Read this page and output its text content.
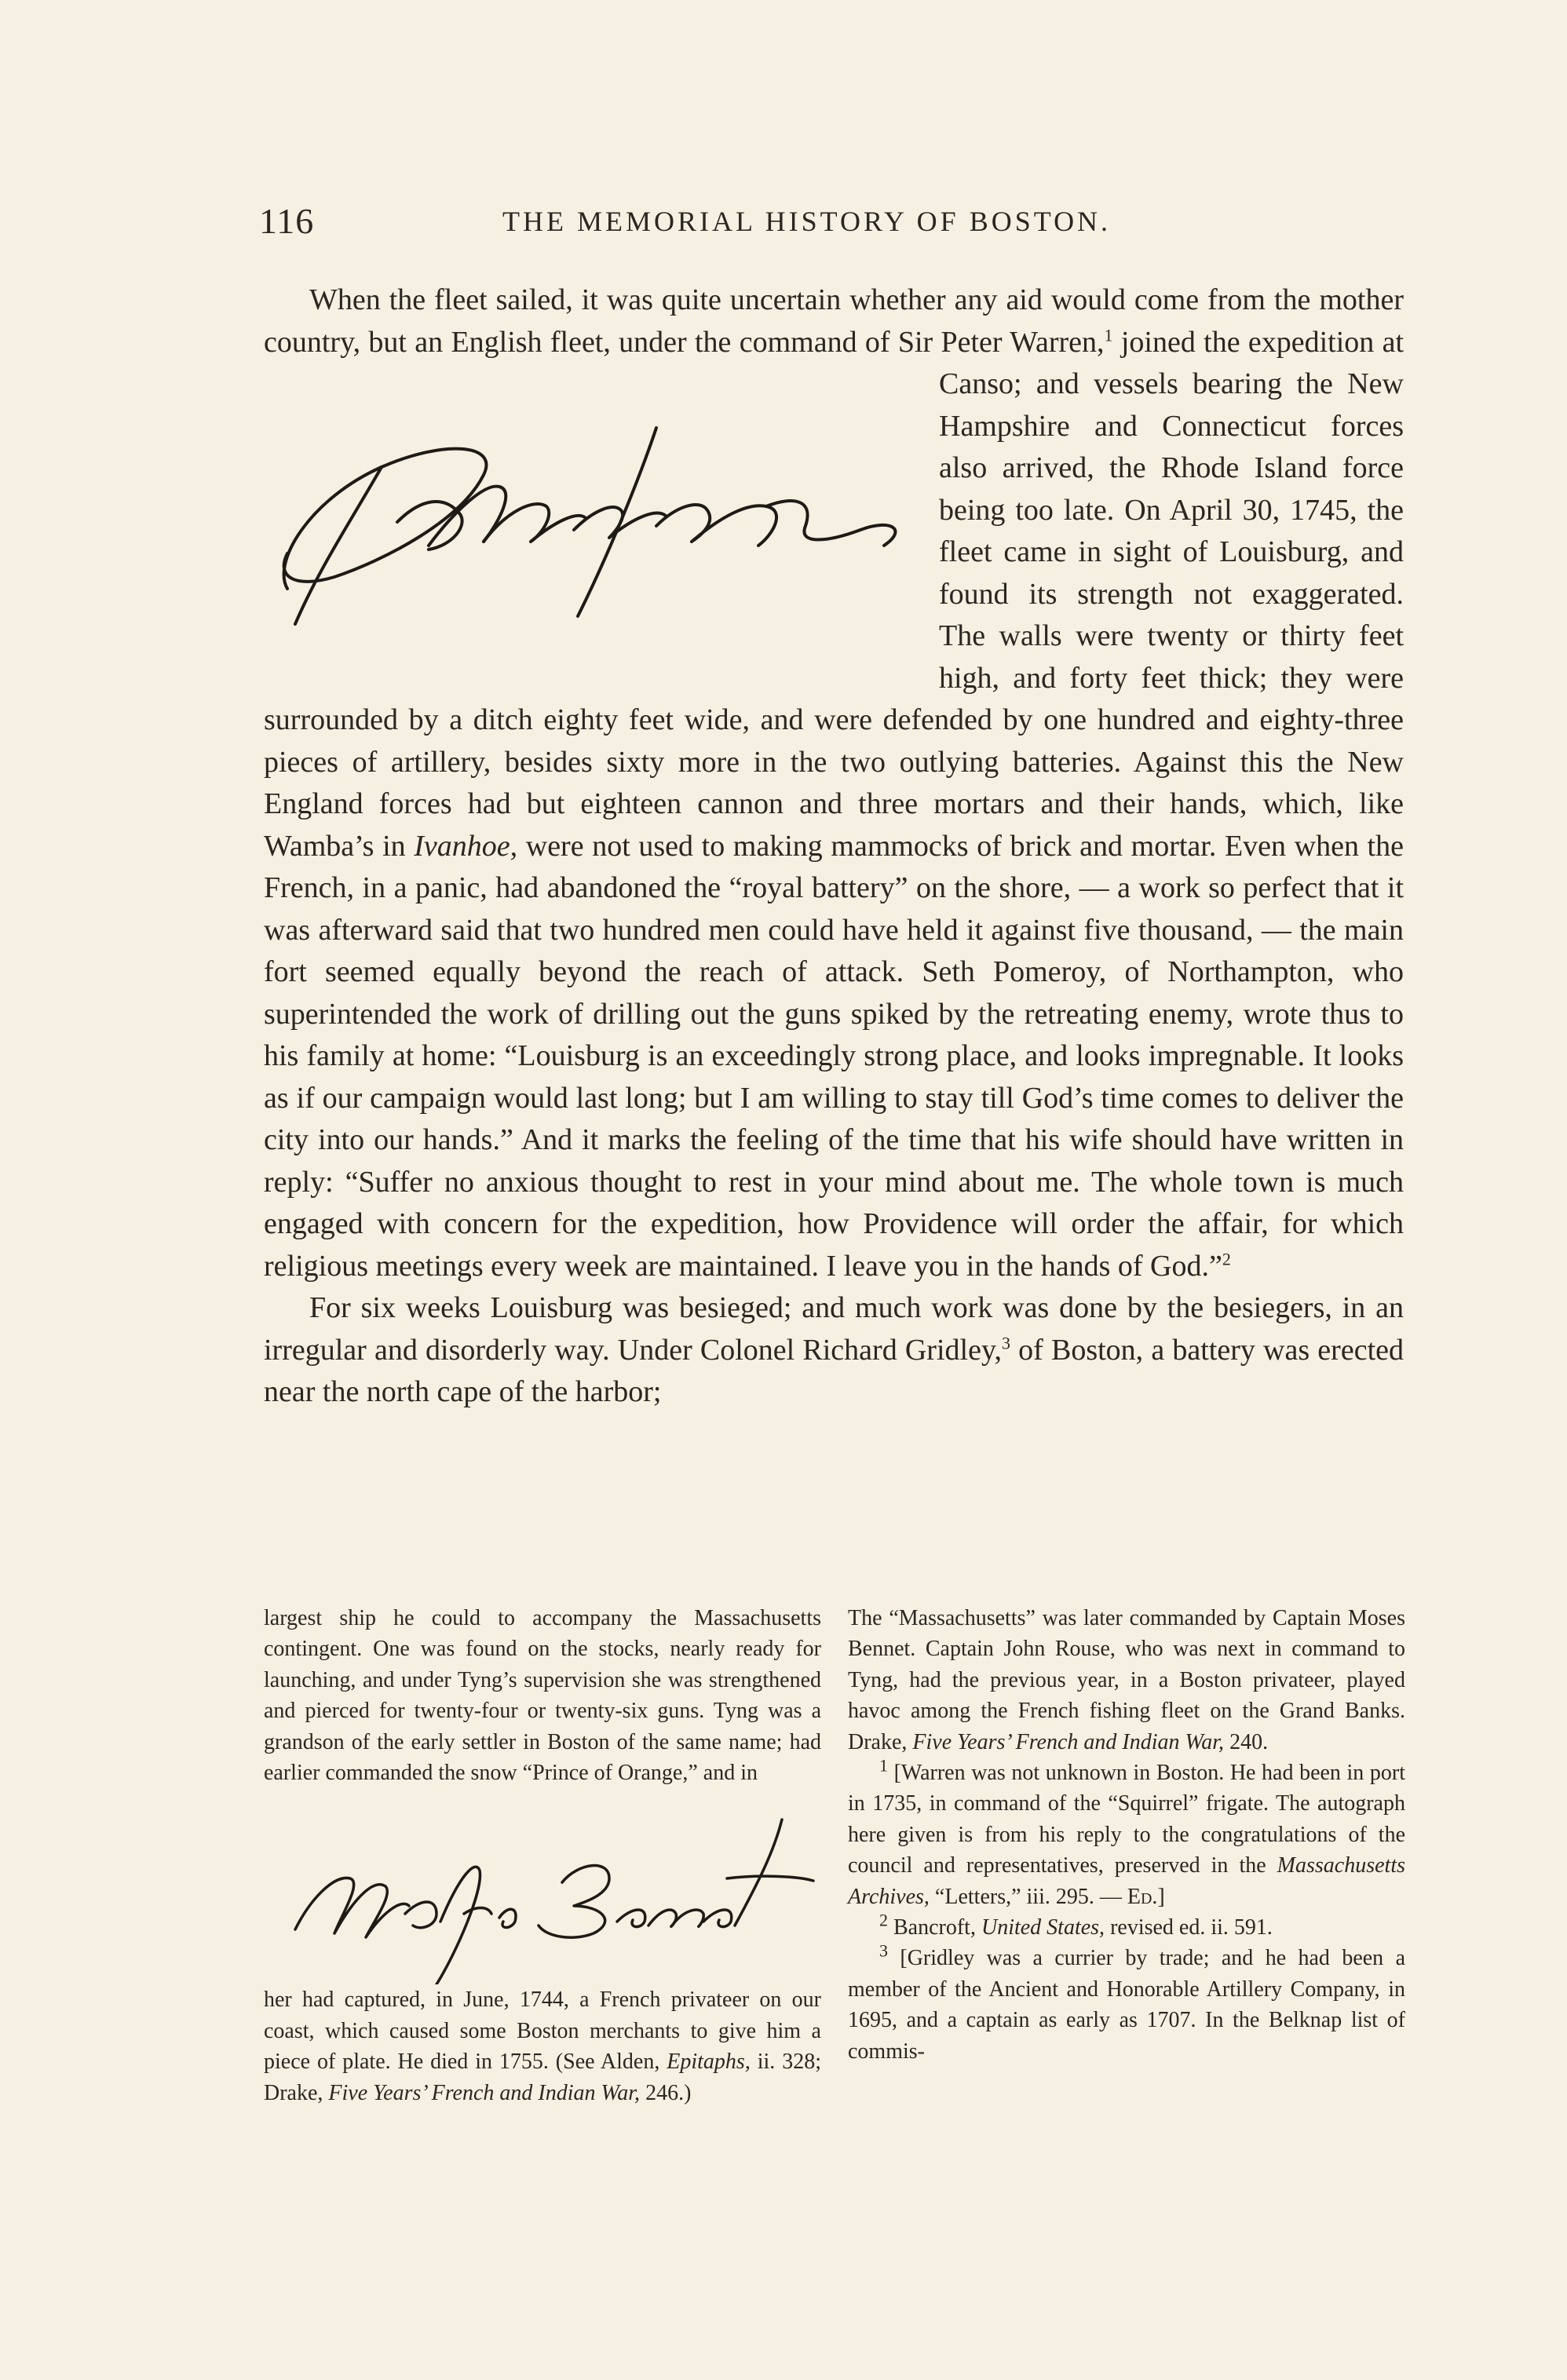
116	THE MEMORIAL HISTORY OF BOSTON.

When the fleet sailed, it was quite uncertain whether any aid would come from the mother country, but an English fleet, under the command of Sir Peter Warren,
$^1$ joined the expedition at Canso; and vessels bearing the New Hampshire and Connecticut forces also arrived, the Rhode Island force being too late. On April 30, 1745, the fleet came in sight of Louisburg, and found its strength not exaggerated. The walls were twenty or thirty feet high, and forty feet thick; they were surrounded by a ditch eighty feet wide, and were defended by one hundred and eighty-three pieces of artillery, besides sixty more in the two outlying batteries. Against this the New England forces had but eighteen cannon and three mortars and their hands, which, like Wamba’s in Ivanhoe, were not used to making mammocks of brick and mortar. Even when the French, in a panic, had abandoned the “royal battery” on the shore, — a work so perfect that it was afterward said that two hundred men could have held it against five thousand, — the main fort seemed equally beyond the reach of attack. Seth Pomeroy, of Northampton, who superintended the work of drilling out the guns spiked by the retreating enemy, wrote thus to his family at home: “Louisburg is an exceedingly strong place, and looks impregnable. It looks as if our campaign would last long; but I am willing to stay till God’s time comes to deliver the city into our hands.” And it marks the feeling of the time that his wife should have written in reply: “Suffer no anxious thought to rest in your mind about me. The whole town is much engaged with concern for the expedition, how Providence will order the affair, for which religious meetings every week are maintained. I leave you in the hands of God.”$^2$

For six weeks Louisburg was besieged; and much work was done by the besiegers, in an irregular and disorderly way. Under Colonel Richard Gridley,$^3$ of Boston, a battery was erected near the north cape of the harbor;

largest ship he could to accompany the Massachusetts contingent. One was found on the stocks, nearly ready for launching, and under Tyng’s supervision she was strengthened and pierced for twenty-four or twenty-six guns. Tyng was a grandson of the early settler in Boston of the same name; had earlier commanded the snow “Prince of Orange,” and in

her had captured, in June, 1744, a French privateer on our coast, which caused some Boston merchants to give him a piece of plate. He died in 1755. (See Alden, Epitaphs, ii. 328; Drake, Five Years’ French and Indian War, 246.)

The “Massachusetts” was later commanded by Captain Moses Bennet. Captain John Rouse, who was next in command to Tyng, had the previous year, in a Boston privateer, played havoc among the French fishing fleet on the Grand Banks. Drake, Five Years’ French and Indian War, 240.

$^1$ [Warren was not unknown in Boston. He had been in port in 1735, in command of the “Squirrel” frigate. The autograph here given is from his reply to the congratulations of the council and representatives, preserved in the Massachusetts Archives, “Letters,” iii. 295. — Ed.]

$^2$ Bancroft, United States, revised ed. ii. 591.

$^3$ [Gridley was a currier by trade; and he had been a member of the Ancient and Honorable Artillery Company, in 1695, and a captain as early as 1707. In the Belknap list of commis-
